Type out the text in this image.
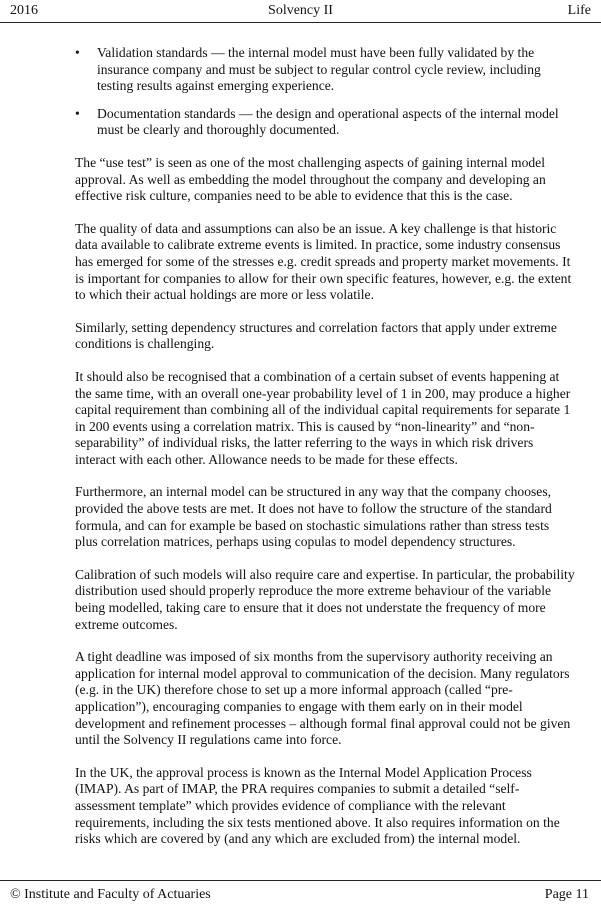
2016	Solvency II	Life
•	Validation standards — the internal model must have been fully validated by the insurance company and must be subject to regular control cycle review, including testing results against emerging experience.
•	Documentation standards — the design and operational aspects of the internal model must be clearly and thoroughly documented.

The “use test” is seen as one of the most challenging aspects of gaining internal model approval. As well as embedding the model throughout the company and developing an effective risk culture, companies need to be able to evidence that this is the case.

The quality of data and assumptions can also be an issue. A key challenge is that historic data available to calibrate extreme events is limited. In practice, some industry consensus has emerged for some of the stresses e.g. credit spreads and property market movements. It is important for companies to allow for their own specific features, however, e.g. the extent to which their actual holdings are more or less volatile.

Similarly, setting dependency structures and correlation factors that apply under extreme conditions is challenging.

It should also be recognised that a combination of a certain subset of events happening at the same time, with an overall one-year probability level of 1 in 200, may produce a higher capital requirement than combining all of the individual capital requirements for separate 1 in 200 events using a correlation matrix. This is caused by “non-linearity” and “non-separability” of individual risks, the latter referring to the ways in which risk drivers interact with each other. Allowance needs to be made for these effects.

Furthermore, an internal model can be structured in any way that the company chooses, provided the above tests are met. It does not have to follow the structure of the standard formula, and can for example be based on stochastic simulations rather than stress tests plus correlation matrices, perhaps using copulas to model dependency structures.

Calibration of such models will also require care and expertise. In particular, the probability distribution used should properly reproduce the more extreme behaviour of the variable being modelled, taking care to ensure that it does not understate the frequency of more extreme outcomes.

A tight deadline was imposed of six months from the supervisory authority receiving an application for internal model approval to communication of the decision. Many regulators (e.g. in the UK) therefore chose to set up a more informal approach (called “pre-application”), encouraging companies to engage with them early on in their model development and refinement processes – although formal final approval could not be given until the Solvency II regulations came into force.

In the UK, the approval process is known as the Internal Model Application Process (IMAP). As part of IMAP, the PRA requires companies to submit a detailed “self-assessment template” which provides evidence of compliance with the relevant requirements, including the six tests mentioned above. It also requires information on the risks which are covered by (and any which are excluded from) the internal model.

© Institute and Faculty of Actuaries	Page 11
